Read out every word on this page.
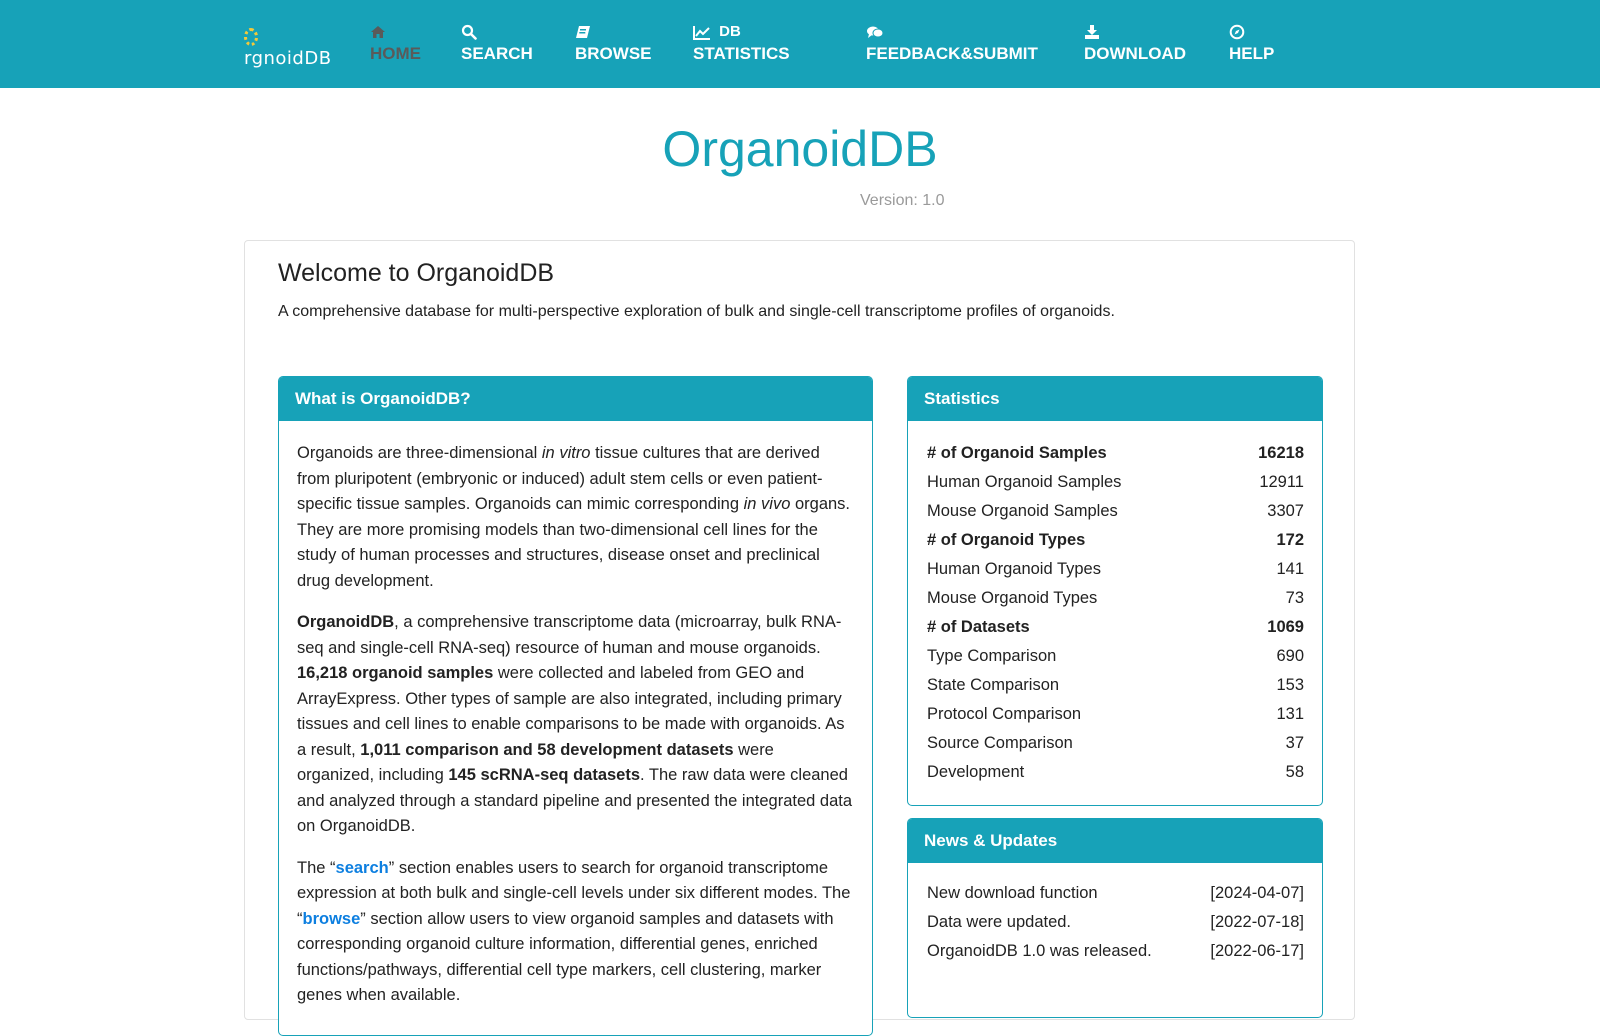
rgnoidDB	HOME SEARCH BROWSE
DB
STATISTICS	FEEDBACK&SUBMIT	DOWNLOAD	HELP
OrganoidDB
Version: 1.0
Welcome to OrganoidDB
A comprehensive database for multi-perspective exploration of bulk and single-cell transcriptome profiles of organoids.
What is OrganoidDB?

Organoids are three-dimensional in vitro tissue cultures that are derived from pluripotent (embryonic or induced) adult stem cells or even patient-specific tissue samples. Organoids can mimic corresponding in vivo organs. They are more promising models than two-dimensional cell lines for the study of human processes and structures, disease onset and preclinical drug development.

OrganoidDB, a comprehensive transcriptome data (microarray, bulk RNA-seq and single-cell RNA-seq) resource of human and mouse organoids. 16,218 organoid samples were collected and labeled from GEO and ArrayExpress. Other types of sample are also integrated, including primary tissues and cell lines to enable comparisons to be made with organoids. As a result, 1,011 comparison and 58 development datasets were organized, including 145 scRNA-seq datasets. The raw data were cleaned and analyzed through a standard pipeline and presented the integrated data on OrganoidDB.

The “search” section enables users to search for organoid transcriptome expression at both bulk and single-cell levels under six different modes. The “browse” section allow users to view organoid samples and datasets with corresponding organoid culture information, differential genes, enriched functions/pathways, differential cell type markers, cell clustering, marker genes when available.

Statistics
# of Organoid Samples	16218
Human Organoid Samples	12911
Mouse Organoid Samples	3307
# of Organoid Types	172
Human Organoid Types	141
Mouse Organoid Types	73
# of Datasets	1069
Type Comparison	690
State Comparison	153
Protocol Comparison	131
Source Comparison	37
Development	58
News & Updates
New download function	[2024-04-07]
Data were updated.	[2022-07-18]
OrganoidDB 1.0 was released.	[2022-06-17]
